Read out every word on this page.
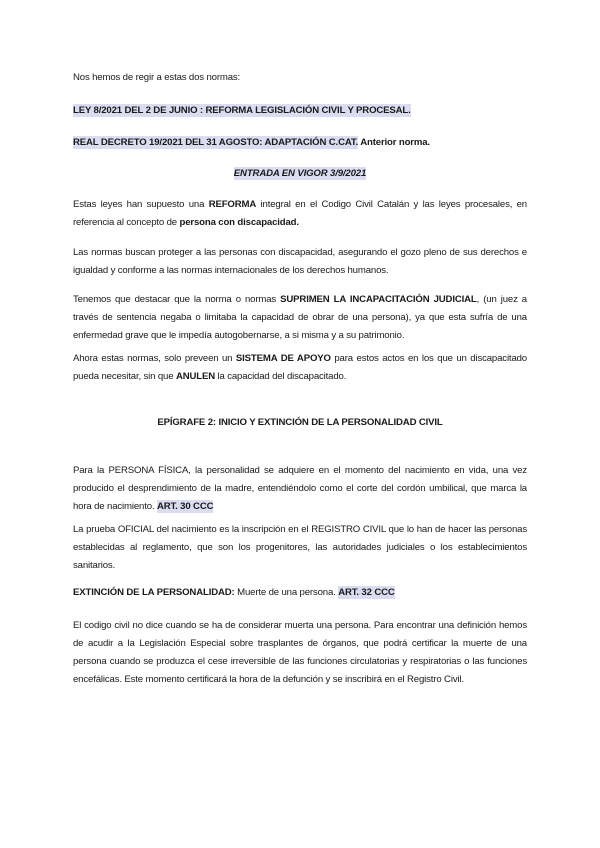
Nos hemos de regir a estas dos normas:

LEY 8/2021 DEL 2 DE JUNIO : REFORMA LEGISLACIÓN CIVIL Y PROCESAL.

REAL DECRETO 19/2021 DEL 31 AGOSTO: ADAPTACIÓN C.CAT. Anterior norma.

ENTRADA EN VIGOR 3/9/2021

Estas leyes han supuesto una REFORMA integral en el Codigo Civil Catalán y las leyes procesales, en referencia al concepto de persona con discapacidad.

Las normas buscan proteger a las personas con discapacidad, asegurando el gozo pleno de sus derechos e igualdad y conforme a las normas internacionales de los derechos humanos.

Tenemos que destacar que la norma o normas SUPRIMEN LA INCAPACITACIÓN JUDICIAL, (un juez a través de sentencia negaba o limitaba la capacidad de obrar de una persona), ya que esta sufría de una enfermedad grave que le impedía autogobernarse, a si misma y a su patrimonio.

Ahora estas normas, solo preveen un SISTEMA DE APOYO para estos actos en los que un discapacitado pueda necesitar, sin que ANULEN la capacidad del discapacitado.

EPÍGRAFE 2: INICIO Y EXTINCIÓN DE LA PERSONALIDAD CIVIL

Para la PERSONA FÍSICA, la personalidad se adquiere en el momento del nacimiento en vida, una vez producido el desprendimiento de la madre, entendiéndolo como el corte del cordón umbilical, que marca la hora de nacimiento. ART. 30 CCC

La prueba OFICIAL del nacimiento es la inscripción en el REGISTRO CIVIL que lo han de hacer las personas establecidas al reglamento, que son los progenitores, las autoridades judiciales o los establecimientos sanitarios.

EXTINCIÓN DE LA PERSONALIDAD: Muerte de una persona. ART. 32 CCC

El codigo civil no dice cuando se ha de considerar muerta una persona. Para encontrar una definición hemos de acudir a la Legislación Especial sobre trasplantes de órganos, que podrá certificar la muerte de una persona cuando se produzca el cese irreversible de las funciones circulatorias y respiratorias o las funciones encefálicas. Este momento certificará la hora de la defunción y se inscribirá en el Registro Civil.
